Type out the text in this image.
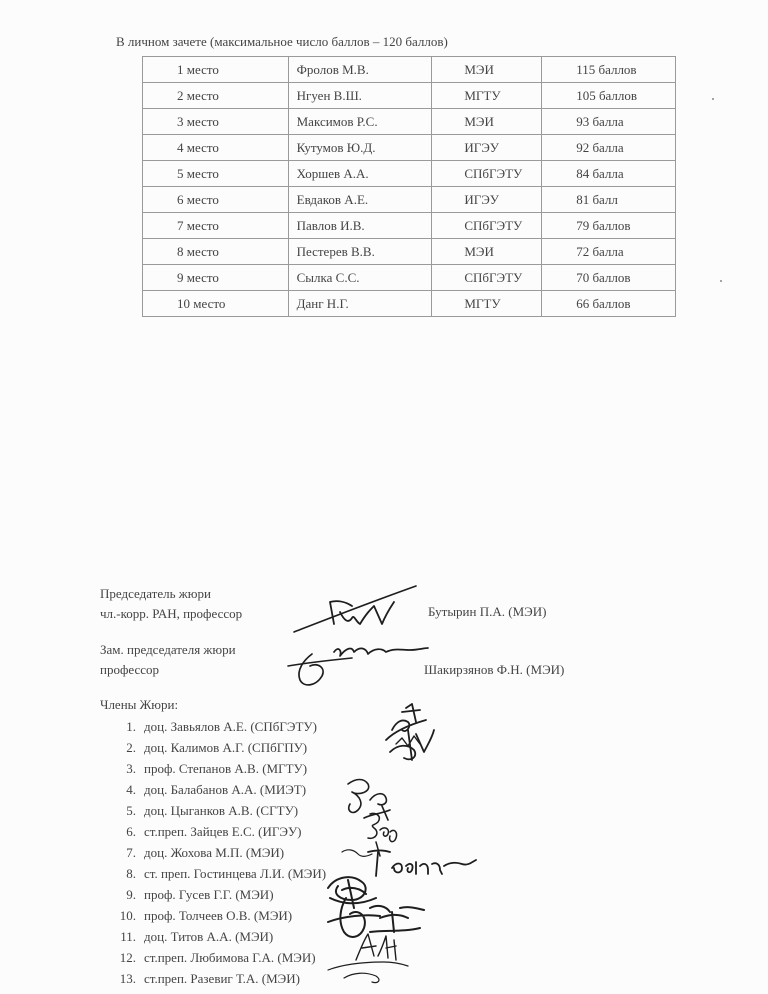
В личном зачете (максимальное число баллов – 120 баллов)
1 место	Фролов М.В.	МЭИ	115 баллов
2 место	Нгуен В.Ш.	МГТУ	105 баллов
3 место	Максимов Р.С.	МЭИ	93 балла
4 место	Кутумов Ю.Д.	ИГЭУ	92 балла
5 место	Хоршев А.А.	СПбГЭТУ	84 балла
6 место	Евдаков А.Е.	ИГЭУ	81 балл
7 место	Павлов И.В.	СПбГЭТУ	79 баллов
8 место	Пестерев В.В.	МЭИ	72 балла
9 место	Сылка С.С.	СПбГЭТУ	70 баллов
10 место	Данг Н.Г.	МГТУ	66 баллов
Председатель жюри
чл.-корр. РАН, профессор	Бутырин П.А. (МЭИ)
Зам. председателя жюри
профессор	Шакирзянов Ф.Н. (МЭИ)
Члены Жюри:
1. доц. Завьялов А.Е. (СПбГЭТУ)
2. доц. Калимов А.Г. (СПбГПУ)
3. проф. Степанов А.В. (МГТУ)
4. доц. Балабанов А.А. (МИЭТ)
5. доц. Цыганков А.В. (СГТУ)
6. ст.преп. Зайцев Е.С. (ИГЭУ)
7. доц. Жохова М.П. (МЭИ)
8. ст. преп. Гостинцева Л.И. (МЭИ)
9. проф. Гусев Г.Г. (МЭИ)
10. проф. Толчеев О.В. (МЭИ)
11. доц. Титов А.А. (МЭИ)
12. ст.преп. Любимова Г.А. (МЭИ)
13. ст.преп. Разевиг Т.А. (МЭИ)
